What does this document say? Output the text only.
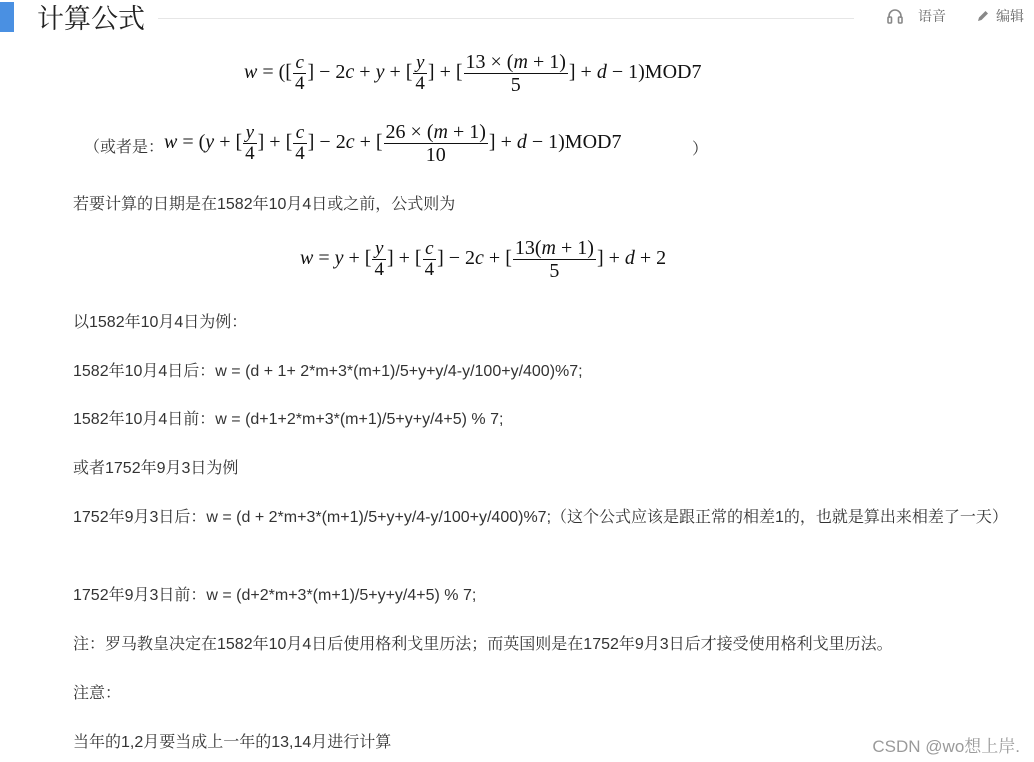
计算公式	语音	编辑
w = ([ $\frac{c}{4}$ ] − 2c + y + [ $\frac{y}{4}$ ] + [ $\frac{13 \times (m + 1)}{5}$ ] + d − 1)MOD7
（或者是： w = (y + [ $\frac{y}{4}$ ] + [ $\frac{c}{4}$ ] − 2c + [ $\frac{26 \times (m + 1)}{10}$ ] + d − 1)MOD7	）
若要计算的日期是在1582年10月4日或之前，公式则为
w = y + [ $\frac{y}{4}$ ] + [ $\frac{c}{4}$ ] − 2c + [ $\frac{13(m + 1)}{5}$ ] + d + 2
以1582年10月4日为例：
1582年10月4日后：w = (d + 1+ 2*m+3*(m+1)/5+y+y/4-y/100+y/400)%7;
1582年10月4日前：w = (d+1+2*m+3*(m+1)/5+y+y/4+5) % 7;
或者1752年9月3日为例
1752年9月3日后：w = (d + 2*m+3*(m+1)/5+y+y/4-y/100+y/400)%7;（这个公式应该是跟正常的相差1的，也就是算出来相差了一天）
1752年9月3日前：w = (d+2*m+3*(m+1)/5+y+y/4+5) % 7;
注：罗马教皇决定在1582年10月4日后使用格利戈里历法；而英国则是在1752年9月3日后才接受使用格利戈里历法。
注意：
当年的1,2月要当成上一年的13,14月进行计算	CSDN @wo想上岸.
